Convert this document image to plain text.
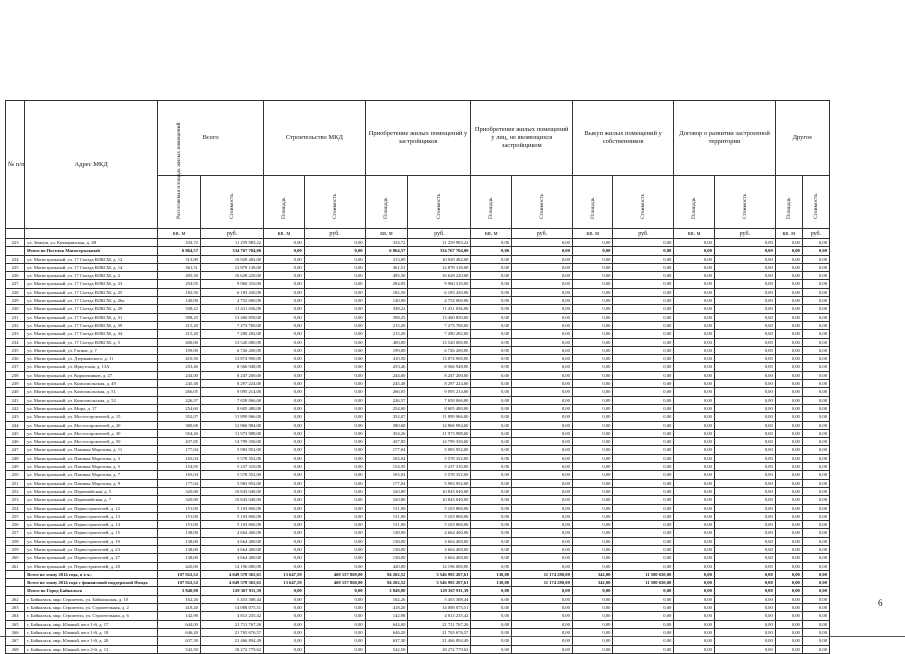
№ п/п	Адрес МКД	Всего		Строительство МКД		Приобретение жилых помещений у застройщиков		Приобретение жилых помещений у лиц, не являющихся застройщиком		Выкуп жилых помещений у собственников		Договор о развитии застроенной территории		Другое	

		Расселяемая площадь жилых помещений	Стоимость	Площадь	Стоимость	Площадь	Стоимость	Площадь	Стоимость	Площадь	Стоимость	Площадь	Стоимость	Площадь	Стоимость

		кв. м	руб.	кв. м	руб.	кв. м	руб.	кв. м	руб.	кв. м	руб.	кв. м	руб.	кв. м	руб.
223	ул. Земцов, ул. Кочкаринская, д. 1В	334,72	11 259 983,22	0,00	0,00	334,72	11 259 983,22	0,00	0,00	0,00	0,00	0,00	0,00	0,00	0,00
	Итого по Поселок Магистральный	6 864,57	334 767 704,00	0,00	0,00	6 864,57	334 767 704,00	0,00	0,00	0,00	0,00	0,00	0,00	0,00	0,00
224	ул. Магистральный, ул. 17 Съезда ВЛКСМ, д. 12	313,89	10 929 482,00	0,00	0,00	313,89	10 929 482,00	0,00	0,00	0,00	0,00	0,00	0,00	0,00	0,00
225	ул. Магистральный, ул. 17 Съезда ВЛКСМ, д. 14	361,51	12 878 138,00	0,00	0,00	361,51	12 878 138,00	0,00	0,00	0,00	0,00	0,00	0,00	0,00	0,00
226	ул. Магистральный, ул. 17 Съезда ВЛКСМ, д. 2	495,30	16 628 220,00	0,00	0,00	495,30	16 628 220,00	0,00	0,00	0,00	0,00	0,00	0,00	0,00	0,00
227	ул. Магистральный, ул. 17 Съезда ВЛКСМ, д. 23	294,95	9 960 310,00	0,00	0,00	294,95	9 960 310,00	0,00	0,00	0,00	0,00	0,00	0,00	0,00	0,00
228	ул. Магистральный, ул. 17 Съезда ВЛКСМ, д. 25	182,50	6 183 430,00	0,00	0,00	182,50	6 183 430,00	0,00	0,00	0,00	0,00	0,00	0,00	0,00	0,00
229	ул. Магистральный, ул. 17 Съезда ВЛКСМ, д. 26а	140,00	4 752 000,00	0,00	0,00	140,00	4 752 000,00	0,00	0,00	0,00	0,00	0,00	0,00	0,00	0,00
230	ул. Магистральный, ул. 17 Съезда ВЛКСМ, д. 29	338,22	11 431 036,00	0,00	0,00	338,22	11 431 036,00	0,00	0,00	0,00	0,00	0,00	0,00	0,00	0,00
231	ул. Магистральный, ул. 17 Съезда ВЛКСМ, д. 31	398,25	13 460 850,00	0,00	0,00	398,25	13 460 850,00	0,00	0,00	0,00	0,00	0,00	0,00	0,00	0,00
232	ул. Магистральный, ул. 17 Съезда ВЛКСМ, д. 39	215,20	7 273 760,00	0,00	0,00	215,20	7 273 760,00	0,00	0,00	0,00	0,00	0,00	0,00	0,00	0,00
233	ул. Магистральный, ул. 17 Съезда ВЛКСМ, д. 44	215,20	7 280 282,00	0,00	0,00	215,20	7 280 282,00	0,00	0,00	0,00	0,00	0,00	0,00	0,00	0,00
234	ул. Магистральный, ул. 17 Съезда ВЛКСМ, д. 5	400,00	13 520 000,00	0,00	0,00	400,00	13 520 000,00	0,00	0,00	0,00	0,00	0,00	0,00	0,00	0,00
235	ул. Магистральный, ул. Гагина, д. 7	199,00	6 726 200,00	0,00	0,00	199,00	6 726 200,00	0,00	0,00	0,00	0,00	0,00	0,00	0,00	0,00
236	ул. Магистральный, ул. Дзержинского, д. 11	410,50	13 874 900,00	0,00	0,00	410,50	13 874 900,00	0,00	0,00	0,00	0,00	0,00	0,00	0,00	0,00
237	ул. Магистральный, ул. Иркутская, д. 13А	253,46	8 566 948,00	0,00	0,00	253,46	8 566 948,00	0,00	0,00	0,00	0,00	0,00	0,00	0,00	0,00
238	ул. Магистральный, ул. Кирпичников, д. 27	244,00	8 247 200,00	0,00	0,00	244,00	8 247 200,00	0,00	0,00	0,00	0,00	0,00	0,00	0,00	0,00
239	ул. Магистральный, ул. Комсомольская, д. 49	245,48	8 297 224,00	0,00	0,00	245,48	8 297 224,00	0,00	0,00	0,00	0,00	0,00	0,00	0,00	0,00
240	ул. Магистральный, ул. Комсомольская, д. 51	266,05	9 095 214,00	0,00	0,00	266,05	9 095 214,00	0,00	0,00	0,00	0,00	0,00	0,00	0,00	0,00
241	ул. Магистральный, ул. Комсомольская, д. 52	226,57	7 658 066,00	0,00	0,00	226,57	7 658 066,00	0,00	0,00	0,00	0,00	0,00	0,00	0,00	0,00
242	ул. Магистральный, ул. Мира, д. 17	254,60	8 605 480,00	0,00	0,00	254,60	8 605 480,00	0,00	0,00	0,00	0,00	0,00	0,00	0,00	0,00
243	ул. Магистральный, ул. Мостостроителей, д. 15	352,07	11 899 966,00	0,00	0,00	352,07	11 899 966,00	0,00	0,00	0,00	0,00	0,00	0,00	0,00	0,00
244	ул. Магистральный, ул. Мостостроителей, д. 20	380,68	12 866 984,00	0,00	0,00	380,68	12 866 984,00	0,00	0,00	0,00	0,00	0,00	0,00	0,00	0,00
245	ул. Магистральный, ул. Мостостроителей, д. 30	354,26	11 973 988,00	0,00	0,00	354,26	11 973 988,00	0,00	0,00	0,00	0,00	0,00	0,00	0,00	0,00
246	ул. Магистральный, ул. Мостостроителей, д. 50	437,85	14 799 330,00	0,00	0,00	437,85	14 799 330,00	0,00	0,00	0,00	0,00	0,00	0,00	0,00	0,00
247	ул. Магистральный, ул. Павлика Морозова, д. 11	177,04	5 983 952,00	0,00	0,00	177,04	5 983 952,00	0,00	0,00	0,00	0,00	0,00	0,00	0,00	0,00
248	ул. Магистральный, ул. Павлика Морозова, д. 3	165,04	5 578 352,00	0,00	0,00	165,04	5 578 352,00	0,00	0,00	0,00	0,00	0,00	0,00	0,00	0,00
249	ул. Магистральный, ул. Павлика Морозова, д. 5	154,95	5 237 310,00	0,00	0,00	154,95	5 237 310,00	0,00	0,00	0,00	0,00	0,00	0,00	0,00	0,00
250	ул. Магистральный, ул. Павлика Морозова, д. 7	165,04	5 578 352,00	0,00	0,00	165,04	5 578 352,00	0,00	0,00	0,00	0,00	0,00	0,00	0,00	0,00
251	ул. Магистральный, ул. Павлика Морозова, д. 9	177,04	5 983 952,00	0,00	0,00	177,04	5 983 952,00	0,00	0,00	0,00	0,00	0,00	0,00	0,00	0,00
252	ул. Магистральный, ул. Первомайская, д. 5	320,80	10 843 040,00	0,00	0,00	320,80	10 843 040,00	0,00	0,00	0,00	0,00	0,00	0,00	0,00	0,00
253	ул. Магистральный, ул. Первомайская, д. 7	320,80	10 843 040,00	0,00	0,00	320,80	10 843 040,00	0,00	0,00	0,00	0,00	0,00	0,00	0,00	0,00
254	ул. Магистральный, ул. Первостроителей, д. 12	151,00	5 103 800,00	0,00	0,00	151,00	5 103 800,00	0,00	0,00	0,00	0,00	0,00	0,00	0,00	0,00
255	ул. Магистральный, ул. Первостроителей, д. 13	151,00	5 103 800,00	0,00	0,00	151,00	5 103 800,00	0,00	0,00	0,00	0,00	0,00	0,00	0,00	0,00
256	ул. Магистральный, ул. Первостроителей, д. 14	151,00	5 103 800,00	0,00	0,00	151,00	5 103 800,00	0,00	0,00	0,00	0,00	0,00	0,00	0,00	0,00
257	ул. Магистральный, ул. Первостроителей, д. 15	138,00	4 664 400,00	0,00	0,00	138,00	4 664 400,00	0,00	0,00	0,00	0,00	0,00	0,00	0,00	0,00
258	ул. Магистральный, ул. Первостроителей, д. 19	138,00	4 664 400,00	0,00	0,00	138,00	4 664 400,00	0,00	0,00	0,00	0,00	0,00	0,00	0,00	0,00
259	ул. Магистральный, ул. Первостроителей, д. 23	138,00	4 664 400,00	0,00	0,00	138,00	4 664 400,00	0,00	0,00	0,00	0,00	0,00	0,00	0,00	0,00
260	ул. Магистральный, ул. Первостроителей, д. 27	138,00	4 664 400,00	0,00	0,00	138,00	4 664 400,00	0,00	0,00	0,00	0,00	0,00	0,00	0,00	0,00
261	ул. Магистральный, ул. Первостроителей, д. 28	420,00	14 196 000,00	0,00	0,00	420,00	14 196 000,00	0,00	0,00	0,00	0,00	0,00	0,00	0,00	0,00
	Всего по этапу 2014 года, в т.ч.:	107 922,52	4 049 578 365,61	13 647,59	469 157 868,00	94 202,52	3 546 995 207,61	130,00	11 174 280,00	342,00	11 580 020,00	0,00	0,00	0,00	0,00
	Всего по этапу 2014 года с финансовой поддержкой Фонда	107 922,52	4 049 578 365,61	13 647,59	469 157 868,00	94 202,52	3 546 995 207,61	130,00	11 174 280,00	342,00	11 580 020,00	0,00	0,00	0,00	0,00
	Итого по Город Байкальск	3 840,80	129 367 911,39	0,00	0,00	3 840,80	129 367 911,39	0,00	0,00	0,00	0,00	0,00	0,00	0,00	0,00
262	г. Байкальск, мкр. Строитель, ул. Байкальская, д. 10	162,26	5 453 388,44	0,00	0,00	162,26	5 453 388,44	0,00	0,00	0,00	0,00	0,00	0,00	0,00	0,00
263	г. Байкальск, мкр. Строитель, ул. Строительная, д. 2	418,20	14 088 075,51	0,00	0,00	418,20	14 088 075,51	0,00	0,00	0,00	0,00	0,00	0,00	0,00	0,00
264	г. Байкальск, мкр. Строитель, ул. Строительная, д. 6	142,98	4 813 235,42	0,00	0,00	142,98	4 813 235,42	0,00	0,00	0,00	0,00	0,00	0,00	0,00	0,00
265	г. Байкальск, мкр. Южный, кв-л 1-й, д. 17	644,00	21 711 767,26	0,00	0,00	644,00	21 711 767,26	0,00	0,00	0,00	0,00	0,00	0,00	0,00	0,00
266	г. Байкальск, мкр. Южный, кв-л 1-й, д. 18	646,20	21 765 676,57	0,00	0,00	646,20	21 765 676,57	0,00	0,00	0,00	0,00	0,00	0,00	0,00	0,00
267	г. Байкальск, мкр. Южный, кв-л 1-й, д. 20	637,30	21 466 894,49	0,00	0,00	637,30	21 466 894,49	0,00	0,00	0,00	0,00	0,00	0,00	0,00	0,00
268	г. Байкальск, мкр. Южный, кв-л 2-й, д. 13	542,50	18 272 779,62	0,00	0,00	542,50	18 272 779,62	0,00	0,00	0,00	0,00	0,00	0,00	0,00	0,00
6
